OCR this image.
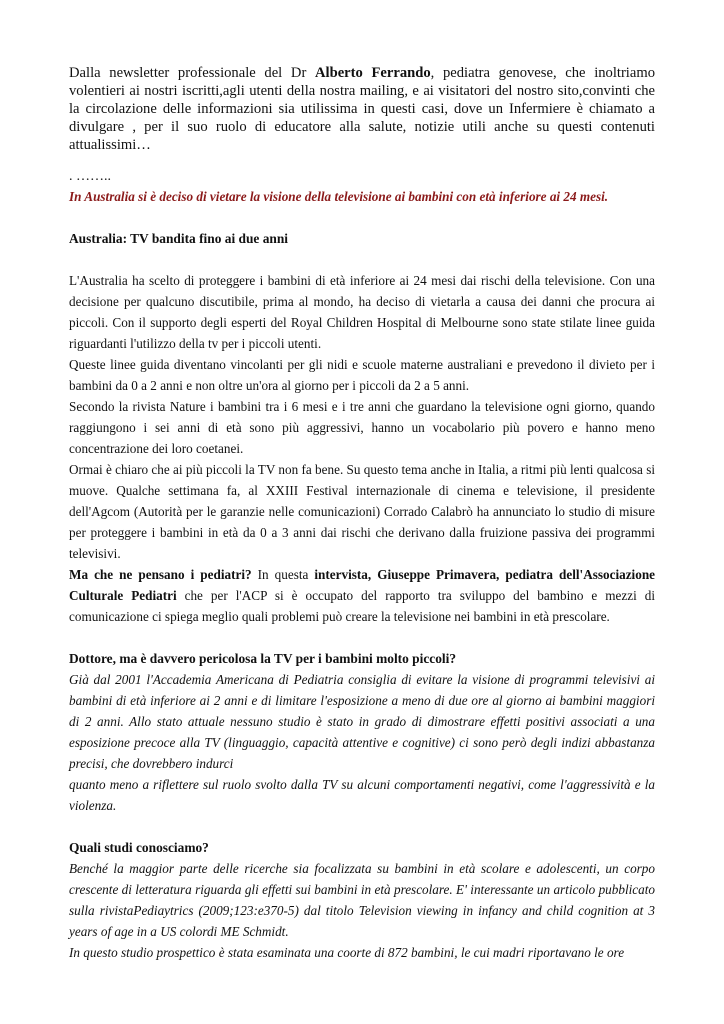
Dalla newsletter professionale del Dr Alberto Ferrando, pediatra genovese, che inoltriamo volentieri ai nostri iscritti,agli utenti della nostra mailing, e ai visitatori del nostro sito,convinti che la circolazione delle informazioni sia utilissima in questi casi, dove un Infermiere è chiamato a divulgare , per il suo ruolo di educatore alla salute, notizie utili anche su questi contenuti attualissimi…

. ……..

In Australia si è deciso di vietare la visione della televisione ai bambini con età inferiore ai 24 mesi.

Australia: TV bandita fino ai due anni

L'Australia ha scelto di proteggere i bambini di età inferiore ai 24 mesi dai rischi della televisione. Con una decisione per qualcuno discutibile, prima al mondo, ha deciso di vietarla a causa dei danni che procura ai piccoli. Con il supporto degli esperti del Royal Children Hospital di Melbourne sono state stilate linee guida riguardanti l'utilizzo della tv per i piccoli utenti.

Queste linee guida diventano vincolanti per gli nidi e scuole materne australiani e prevedono il divieto per i bambini da 0 a 2 anni e non oltre un'ora al giorno per i piccoli da 2 a 5 anni.

Secondo la rivista Nature i bambini tra i 6 mesi e i tre anni che guardano la televisione ogni giorno, quando raggiungono i sei anni di età sono più aggressivi, hanno un vocabolario più povero e hanno meno concentrazione dei loro coetanei.

Ormai è chiaro che ai più piccoli la TV non fa bene. Su questo tema anche in Italia, a ritmi più lenti qualcosa si muove. Qualche settimana fa, al XXIII Festival internazionale di cinema e televisione, il presidente dell'Agcom (Autorità per le garanzie nelle comunicazioni) Corrado Calabrò ha annunciato lo studio di misure per proteggere i bambini in età da 0 a 3 anni dai rischi che derivano dalla fruizione passiva dei programmi televisivi.

Ma che ne pensano i pediatri? In questa intervista, Giuseppe Primavera, pediatra dell'Associazione Culturale Pediatri che per l'ACP si è occupato del rapporto tra sviluppo del bambino e mezzi di comunicazione ci spiega meglio quali problemi può creare la televisione nei bambini in età prescolare.

Dottore, ma è davvero pericolosa la TV per i bambini molto piccoli?

Già dal 2001 l'Accademia Americana di Pediatria consiglia di evitare la visione di programmi televisivi ai bambini di età inferiore ai 2 anni e di limitare l'esposizione a meno di due ore al giorno ai bambini maggiori di 2 anni. Allo stato attuale nessuno studio è stato in grado di dimostrare effetti positivi associati a una esposizione precoce alla TV (linguaggio, capacità attentive e cognitive) ci sono però degli indizi abbastanza precisi, che dovrebbero indurci

quanto meno a riflettere sul ruolo svolto dalla TV su alcuni comportamenti negativi, come l'aggressività e la violenza.

Quali studi conosciamo?

Benché la maggior parte delle ricerche sia focalizzata su bambini in età scolare e adolescenti, un corpo crescente di letteratura riguarda gli effetti sui bambini in età prescolare. E' interessante un articolo pubblicato sulla rivistaPediaytrics (2009;123:e370-5) dal titolo Television viewing in infancy and child cognition at 3 years of age in a US colordi ME Schmidt.

In questo studio prospettico è stata esaminata una coorte di 872 bambini, le cui madri riportavano le ore
